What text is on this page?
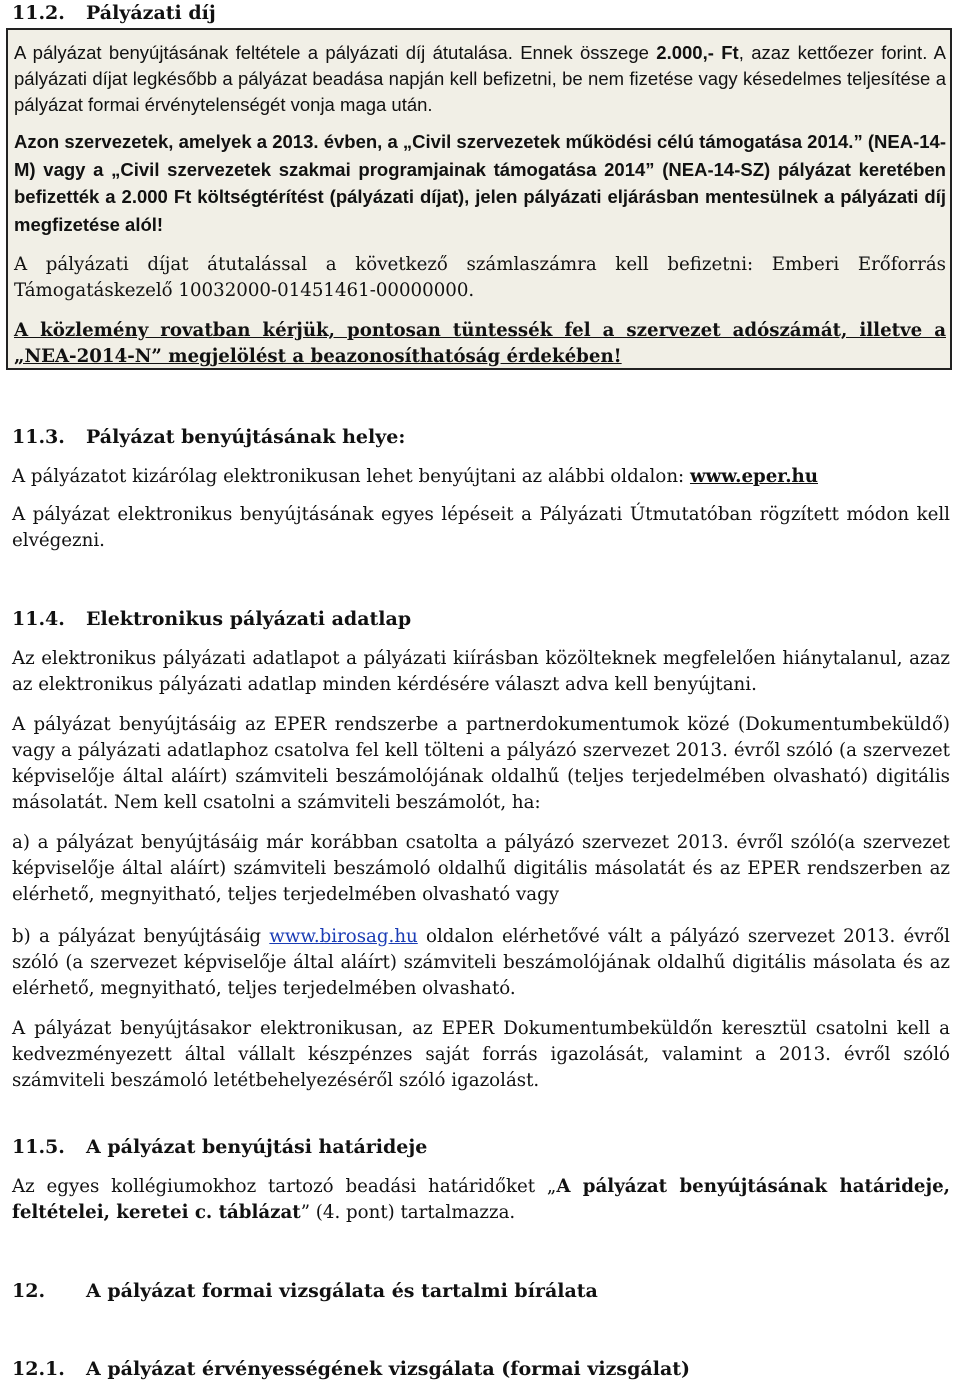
11.2. Pályázati díj

A pályázat benyújtásának feltétele a pályázati díj átutalása. Ennek összege 2.000,- Ft, azaz kettőezer forint. A pályázati díjat legkésőbb a pályázat beadása napján kell befizetni, be nem fizetése vagy késedelmes teljesítése a pályázat formai érvénytelenségét vonja maga után.

Azon szervezetek, amelyek a 2013. évben, a „Civil szervezetek működési célú támogatása 2014.” (NEA-14-M) vagy a „Civil szervezetek szakmai programjainak támogatása 2014” (NEA-14-SZ) pályázat keretében befizették a 2.000 Ft költségtérítést (pályázati díjat), jelen pályázati eljárásban mentesülnek a pályázati díj megfizetése alól!

A pályázati díjat átutalással a következő számlaszámra kell befizetni: Emberi Erőforrás Támogatáskezelő 10032000-01451461-00000000.

A közlemény rovatban kérjük, pontosan tüntessék fel a szervezet adószámát, illetve a „NEA-2014-N” megjelölést a beazonosíthatóság érdekében!

11.3. Pályázat benyújtásának helye:

A pályázatot kizárólag elektronikusan lehet benyújtani az alábbi oldalon: www.eper.hu

A pályázat elektronikus benyújtásának egyes lépéseit a Pályázati Útmutatóban rögzített módon kell elvégezni.

11.4. Elektronikus pályázati adatlap

Az elektronikus pályázati adatlapot a pályázati kiírásban közölteknek megfelelően hiánytalanul, azaz az elektronikus pályázati adatlap minden kérdésére választ adva kell benyújtani.

A pályázat benyújtásáig az EPER rendszerbe a partnerdokumentumok közé (Dokumentumbeküldő) vagy a pályázati adatlaphoz csatolva fel kell tölteni a pályázó szervezet 2013. évről szóló (a szervezet képviselője által aláírt) számviteli beszámolójának oldalhű (teljes terjedelmében olvasható) digitális másolatát. Nem kell csatolni a számviteli beszámolót, ha:

a) a pályázat benyújtásáig már korábban csatolta a pályázó szervezet 2013. évről szóló(a szervezet képviselője által aláírt) számviteli beszámoló oldalhű digitális másolatát és az EPER rendszerben az elérhető, megnyitható, teljes terjedelmében olvasható vagy

b) a pályázat benyújtásáig www.birosag.hu oldalon elérhetővé vált a pályázó szervezet 2013. évről szóló (a szervezet képviselője által aláírt) számviteli beszámolójának oldalhű digitális másolata és az elérhető, megnyitható, teljes terjedelmében olvasható.

A pályázat benyújtásakor elektronikusan, az EPER Dokumentumbeküldőn keresztül csatolni kell a kedvezményezett által vállalt készpénzes saját forrás igazolását, valamint a 2013. évről szóló számviteli beszámoló letétbehelyezéséről szóló igazolást.

11.5. A pályázat benyújtási határideje

Az egyes kollégiumokhoz tartozó beadási határidőket „A pályázat benyújtásának határideje, feltételei, keretei c. táblázat” (4. pont) tartalmazza.

12. A pályázat formai vizsgálata és tartalmi bírálata
12.1. A pályázat érvényességének vizsgálata (formai vizsgálat)
